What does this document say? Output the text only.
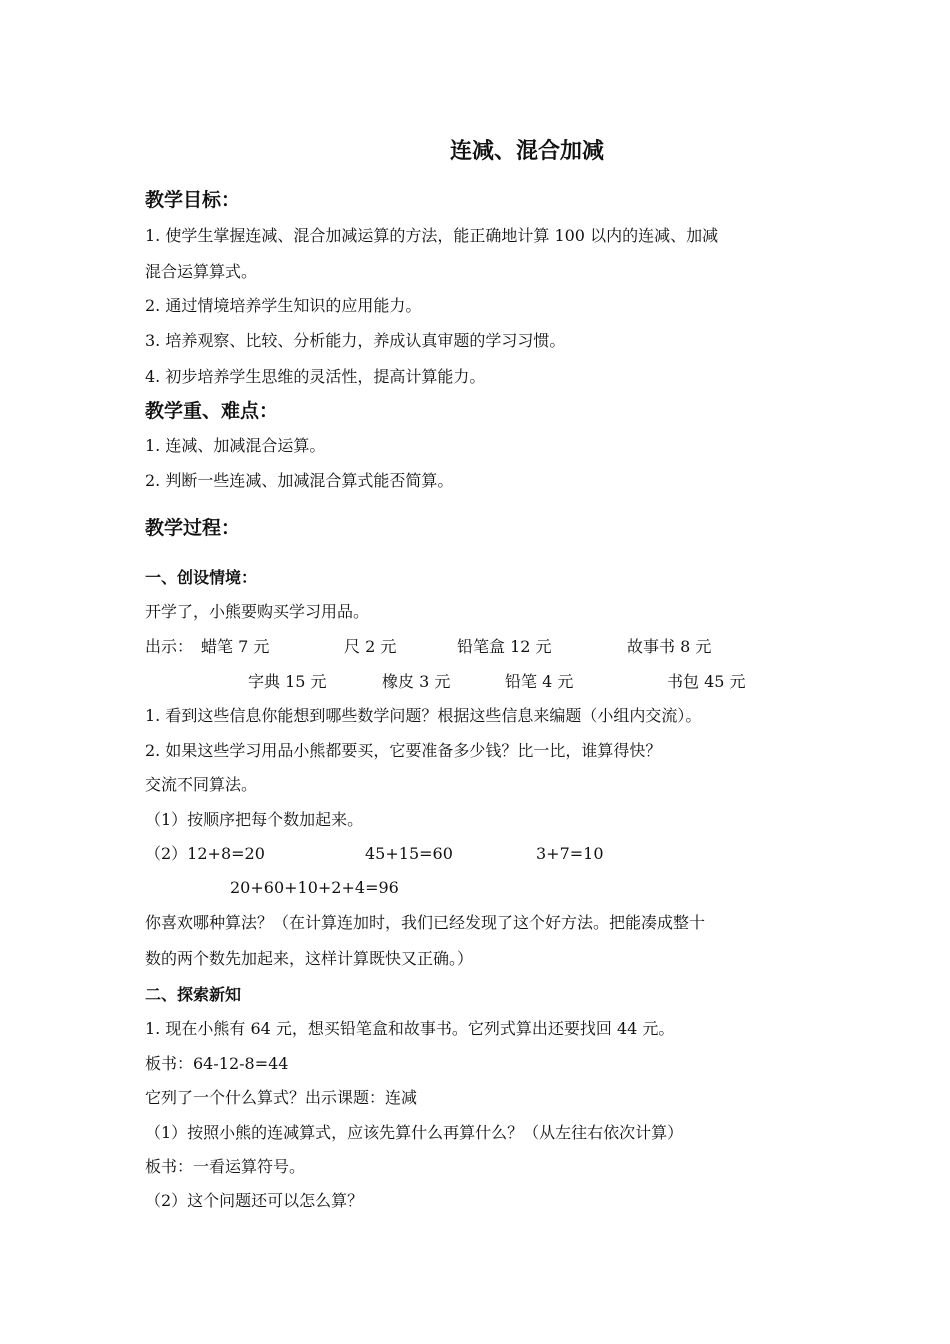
连减、混合加减
教学目标：
1. 使学生掌握连减、混合加减运算的方法，能正确地计算 100 以内的连减、加减
混合运算算式。
2. 通过情境培养学生知识的应用能力。
3. 培养观察、比较、分析能力，养成认真审题的学习习惯。
4. 初步培养学生思维的灵活性，提高计算能力。
教学重、难点：
1. 连减、加减混合运算。
2. 判断一些连减、加减混合算式能否简算。
教学过程：
一、创设情境：
开学了，小熊要购买学习用品。
出示： 蜡笔 7 元	尺 2 元	铅笔盒 12 元	故事书 8 元
字典 15 元	橡皮 3 元	铅笔 4 元	书包 45 元
1. 看到这些信息你能想到哪些数学问题？根据这些信息来编题（小组内交流）。
2. 如果这些学习用品小熊都要买，它要准备多少钱？比一比，谁算得快？
交流不同算法。
（1）按顺序把每个数加起来。
（2）12+8=20	45+15=60	3+7=10
20+60+10+2+4=96
你喜欢哪种算法？（在计算连加时，我们已经发现了这个好方法。把能凑成整十
数的两个数先加起来，这样计算既快又正确。）
二、探索新知
1. 现在小熊有 64 元，想买铅笔盒和故事书。它列式算出还要找回 44 元。
板书：64-12-8=44
它列了一个什么算式？出示课题：连减
（1）按照小熊的连减算式，应该先算什么再算什么？（从左往右依次计算）
板书：一看运算符号。
（2）这个问题还可以怎么算？
